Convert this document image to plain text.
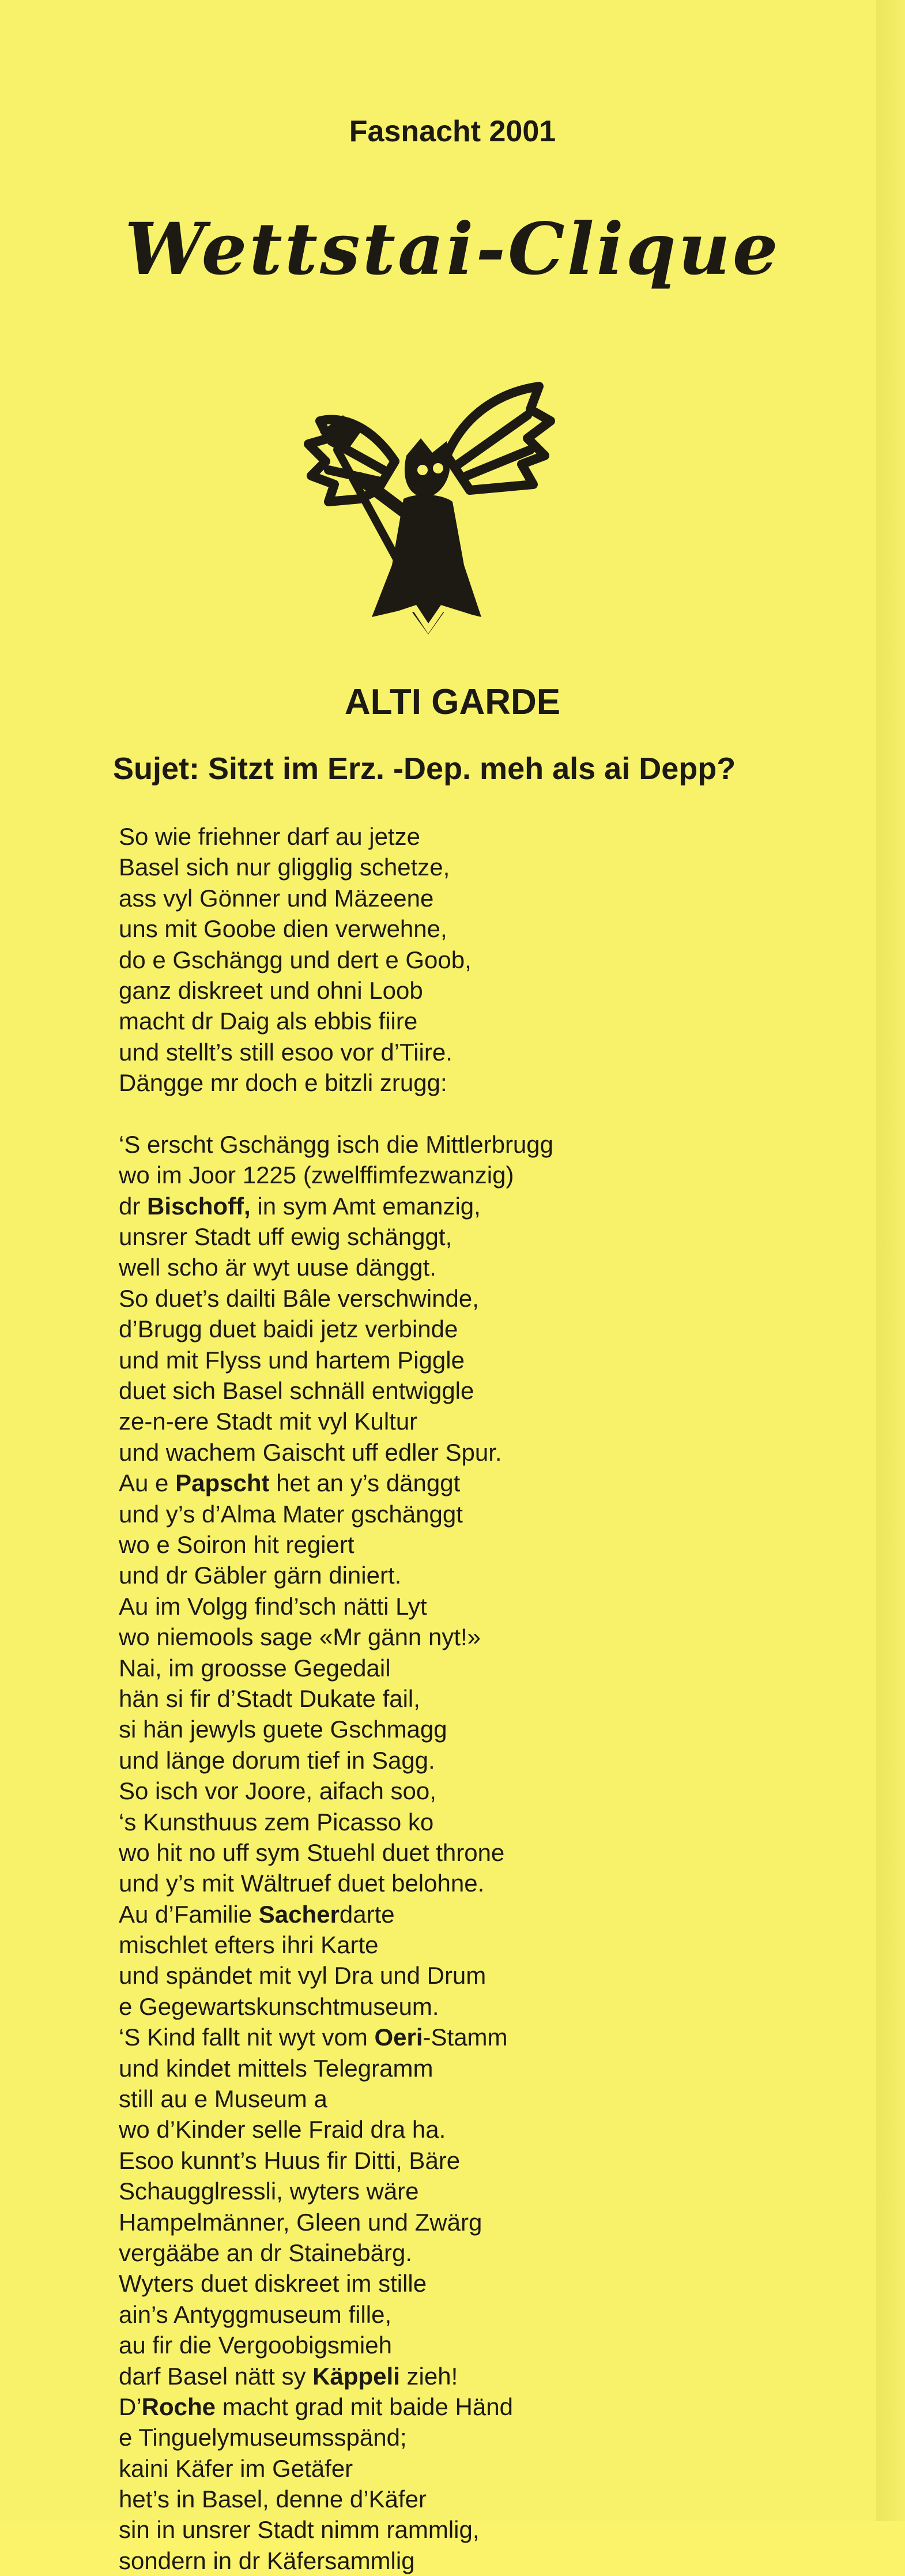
Fasnacht 2001
Wettstai-Clique
ALTI GARDE
Sujet: Sitzt im Erz. -Dep. meh als ai Depp?
So wie friehner darf au jetze
Basel sich nur gligglig schetze,
ass vyl Gönner und Mäzeene
uns mit Goobe dien verwehne,
do e Gschängg und dert e Goob,
ganz diskreet und ohni Loob
macht dr Daig als ebbis fiire
und stellt’s still esoo vor d’Tiire.
Dängge mr doch e bitzli zrugg:
‘S erscht Gschängg isch die Mittlerbrugg
wo im Joor 1225 (zwelffimfezwanzig)
dr Bischoff, in sym Amt emanzig,
unsrer Stadt uff ewig schänggt,
well scho är wyt uuse dänggt.
So duet’s dailti Bâle verschwinde,
d’Brugg duet baidi jetz verbinde
und mit Flyss und hartem Piggle
duet sich Basel schnäll entwiggle
ze-n-ere Stadt mit vyl Kultur
und wachem Gaischt uff edler Spur.
Au e Papscht het an y’s dänggt
und y’s d’Alma Mater gschänggt
wo e Soiron hit regiert
und dr Gäbler gärn diniert.
Au im Volgg find’sch nätti Lyt
wo niemools sage «Mr gänn nyt!»
Nai, im groosse Gegedail
hän si fir d’Stadt Dukate fail,
si hän jewyls guete Gschmagg
und länge dorum tief in Sagg.
So isch vor Joore, aifach soo,
‘s Kunsthuus zem Picasso ko
wo hit no uff sym Stuehl duet throne
und y’s mit Wältruef duet belohne.
Au d’Familie Sacherdarte
mischlet efters ihri Karte
und spändet mit vyl Dra und Drum
e Gegewartskunschtmuseum.
‘S Kind fallt nit wyt vom Oeri-Stamm
und kindet mittels Telegramm
still au e Museum a
wo d’Kinder selle Fraid dra ha.
Esoo kunnt’s Huus fir Ditti, Bäre
Schaugglressli, wyters wäre
Hampelmänner, Gleen und Zwärg
vergääbe an dr Stainebärg.
Wyters duet diskreet im stille
ain’s Antyggmuseum fille,
au fir die Vergoobigsmieh
darf Basel nätt sy Käppeli zieh!
D’Roche macht grad mit baide Händ
e Tinguelymuseumsspänd;
kaini Käfer im Getäfer
het’s in Basel, denne d’Käfer
sin in unsrer Stadt nimm rammlig,
sondern in dr Käfersammlig
